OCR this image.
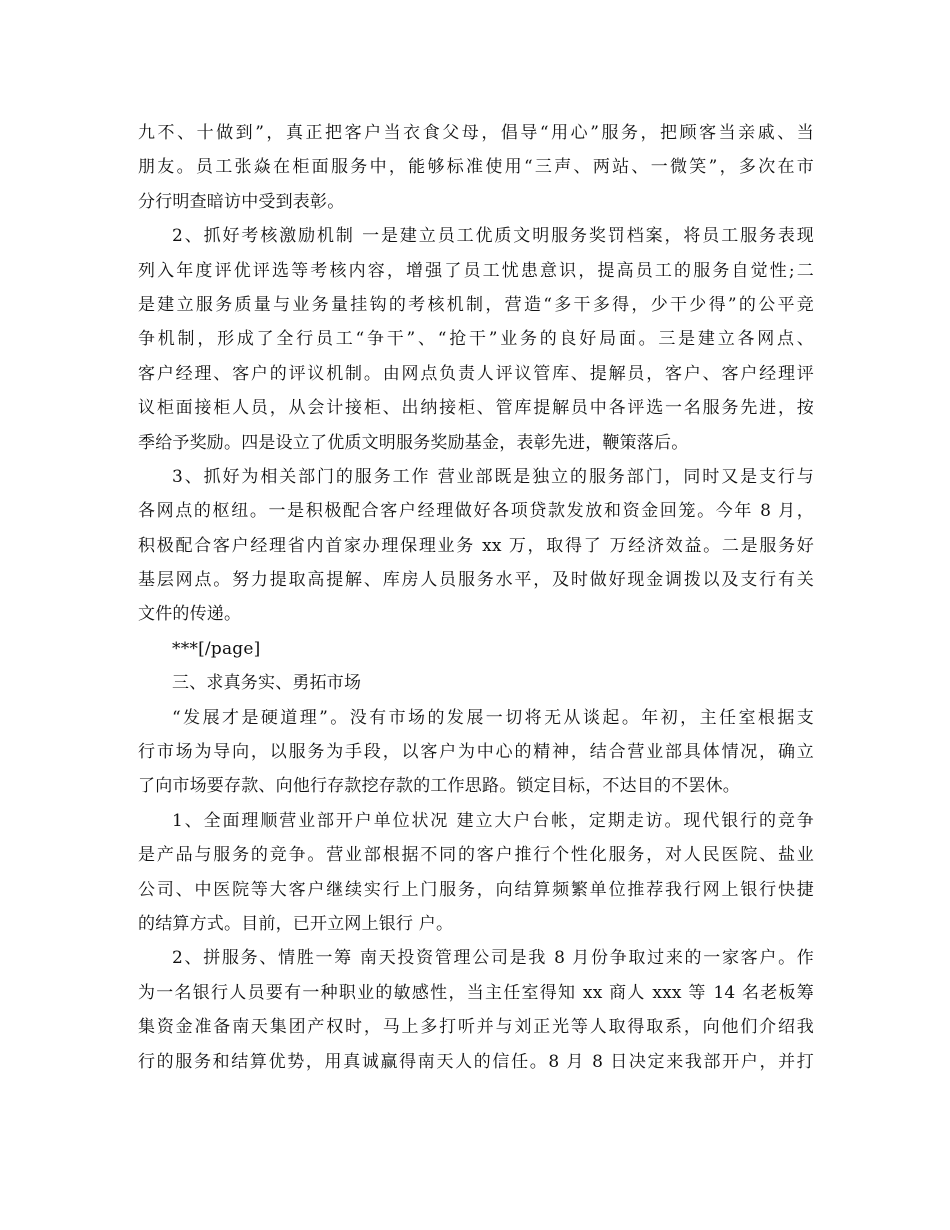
九不、十做到”，真正把客户当衣食父母，倡导“用心”服务，把顾客当亲戚、当
朋友。员工张焱在柜面服务中，能够标准使用“三声、两站、一微笑”，多次在市
分行明查暗访中受到表彰。
2、抓好考核激励机制 一是建立员工优质文明服务奖罚档案，将员工服务表现
列入年度评优评选等考核内容，增强了员工忧患意识，提高员工的服务自觉性;二
是建立服务质量与业务量挂钩的考核机制，营造“多干多得，少干少得”的公平竞
争机制，形成了全行员工“争干”、“抢干”业务的良好局面。三是建立各网点、
客户经理、客户的评议机制。由网点负责人评议管库、提解员，客户、客户经理评
议柜面接柜人员，从会计接柜、出纳接柜、管库提解员中各评选一名服务先进，按
季给予奖励。四是设立了优质文明服务奖励基金，表彰先进，鞭策落后。
3、抓好为相关部门的服务工作 营业部既是独立的服务部门，同时又是支行与
各网点的枢纽。一是积极配合客户经理做好各项贷款发放和资金回笼。今年 8 月，
积极配合客户经理省内首家办理保理业务 xx 万，取得了 万经济效益。二是服务好
基层网点。努力提取高提解、库房人员服务水平，及时做好现金调拨以及支行有关
文件的传递。
***[/page]
三、求真务实、勇拓市场
“发展才是硬道理”。没有市场的发展一切将无从谈起。年初，主任室根据支
行市场为导向，以服务为手段，以客户为中心的精神，结合营业部具体情况，确立
了向市场要存款、向他行存款挖存款的工作思路。锁定目标，不达目的不罢休。
1、全面理顺营业部开户单位状况 建立大户台帐，定期走访。现代银行的竞争
是产品与服务的竞争。营业部根据不同的客户推行个性化服务，对人民医院、盐业
公司、中医院等大客户继续实行上门服务，向结算频繁单位推荐我行网上银行快捷
的结算方式。目前，已开立网上银行 户。
2、拼服务、情胜一筹 南天投资管理公司是我 8 月份争取过来的一家客户。作
为一名银行人员要有一种职业的敏感性，当主任室得知 xx 商人 xxx 等 14 名老板筹
集资金准备南天集团产权时，马上多打听并与刘正光等人取得取系，向他们介绍我
行的服务和结算优势，用真诚赢得南天人的信任。8 月 8 日决定来我部开户，并打
